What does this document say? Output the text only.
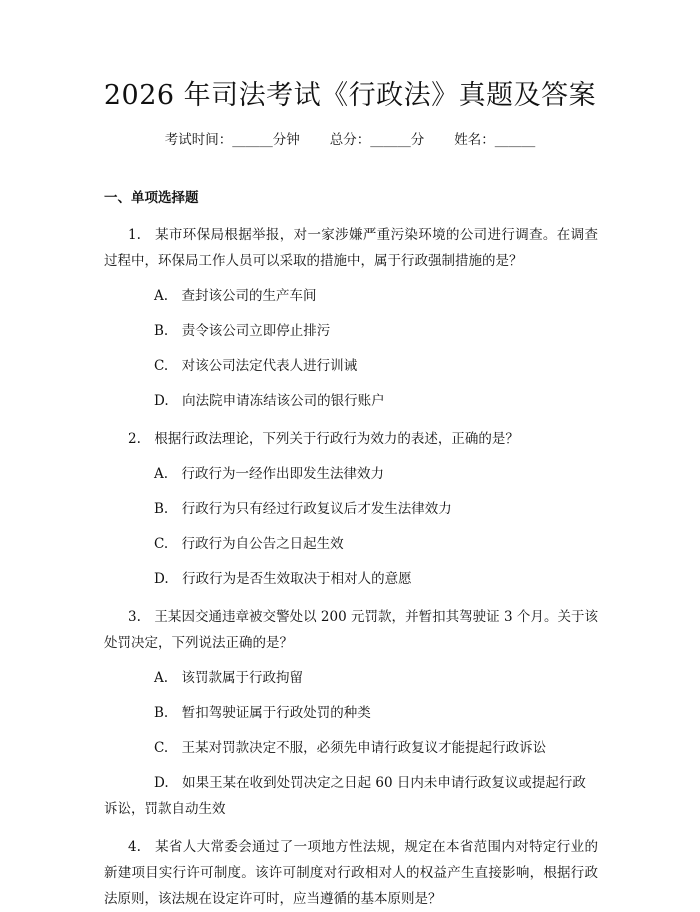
2026 年司法考试《行政法》真题及答案
考试时间：______分钟 总分：______分 姓名：______
一、单项选择题

1.　某市环保局根据举报，对一家涉嫌严重污染环境的公司进行调查。在调查过程中，环保局工作人员可以采取的措施中，属于行政强制措施的是？

A.　查封该公司的生产车间

B.　责令该公司立即停止排污

C.　对该公司法定代表人进行训诫

D.　向法院申请冻结该公司的银行账户

2.　根据行政法理论，下列关于行政行为效力的表述，正确的是？

A.　行政行为一经作出即发生法律效力

B.　行政行为只有经过行政复议后才发生法律效力

C.　行政行为自公告之日起生效

D.　行政行为是否生效取决于相对人的意愿

3.　王某因交通违章被交警处以 200 元罚款，并暂扣其驾驶证 3 个月。关于该处罚决定，下列说法正确的是？

A.　该罚款属于行政拘留

B.　暂扣驾驶证属于行政处罚的种类

C.　王某对罚款决定不服，必须先申请行政复议才能提起行政诉讼

D.　如果王某在收到处罚决定之日起 60 日内未申请行政复议或提起行政诉讼，罚款自动生效

4.　某省人大常委会通过了一项地方性法规，规定在本省范围内对特定行业的新建项目实行许可制度。该许可制度对行政相对人的权益产生直接影响，根据行政法原则，该法规在设定许可时，应当遵循的基本原则是？
